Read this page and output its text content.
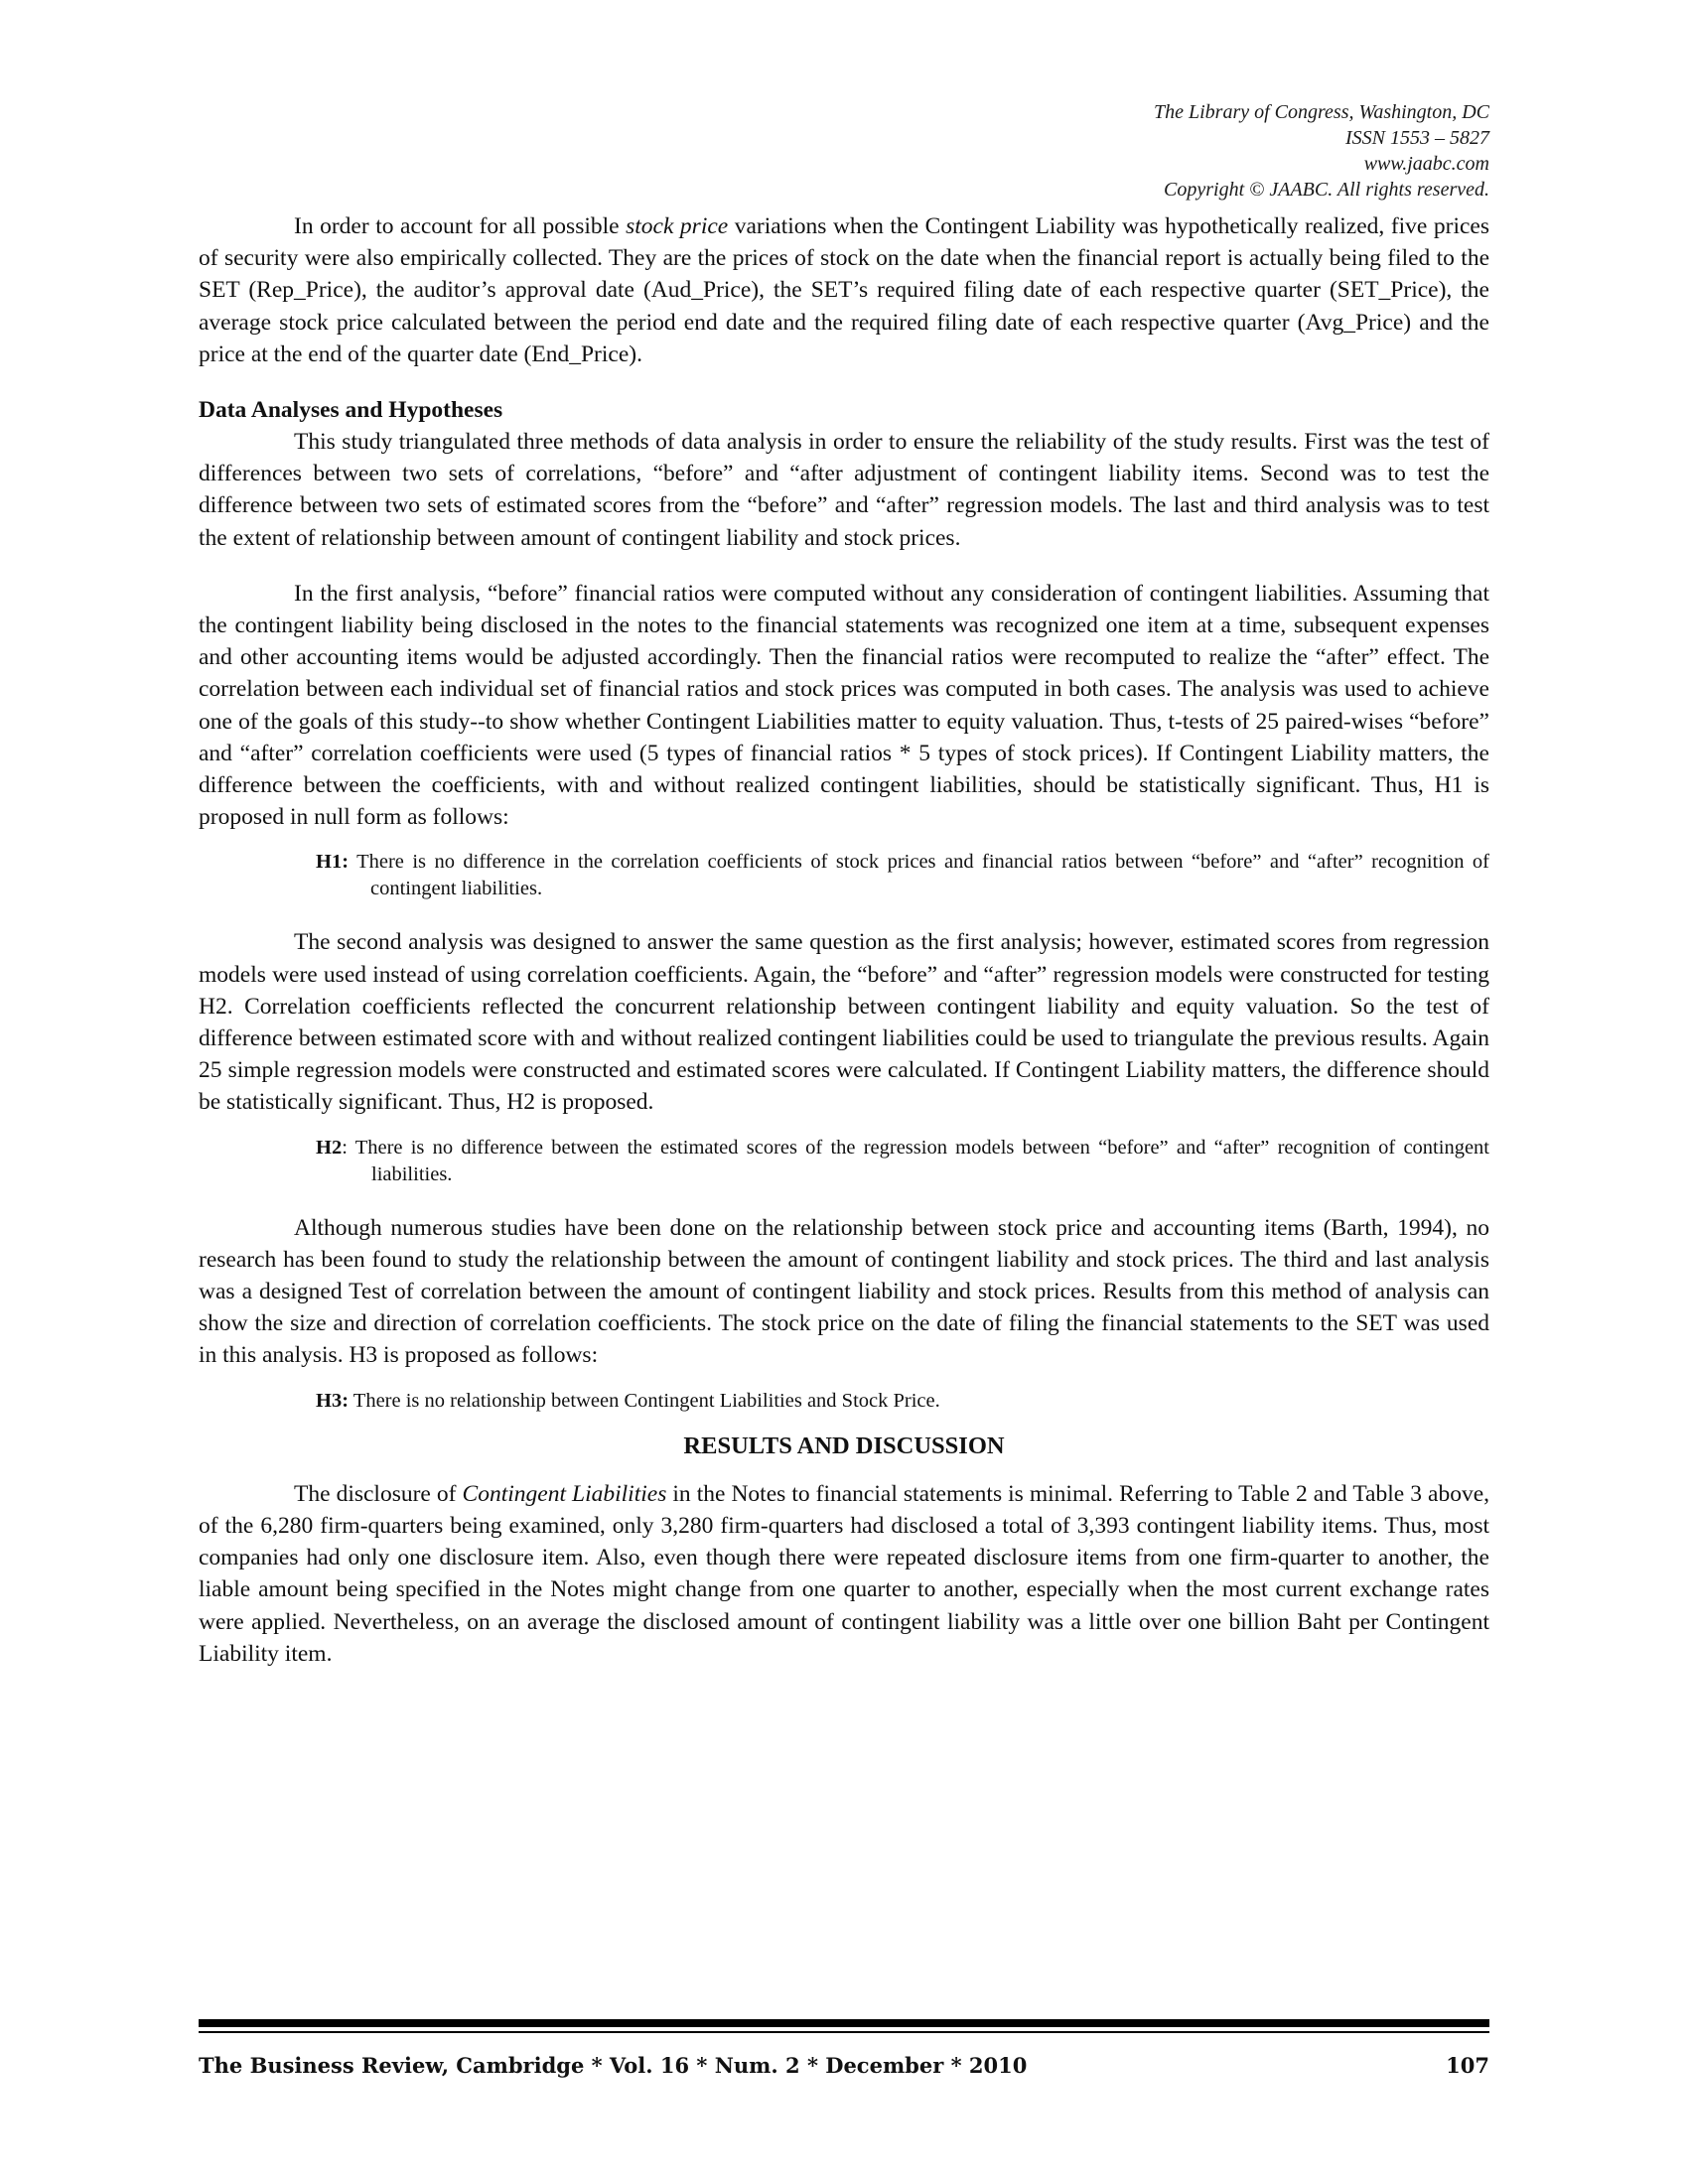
The Library of Congress, Washington, DC
ISSN 1553 – 5827
www.jaabc.com
Copyright © JAABC. All rights reserved.

In order to account for all possible stock price variations when the Contingent Liability was hypothetically realized, five prices of security were also empirically collected. They are the prices of stock on the date when the financial report is actually being filed to the SET (Rep_Price), the auditor’s approval date (Aud_Price), the SET’s required filing date of each respective quarter (SET_Price), the average stock price calculated between the period end date and the required filing date of each respective quarter (Avg_Price) and the price at the end of the quarter date (End_Price).

Data Analyses and Hypotheses

This study triangulated three methods of data analysis in order to ensure the reliability of the study results. First was the test of differences between two sets of correlations, “before” and “after adjustment of contingent liability items. Second was to test the difference between two sets of estimated scores from the “before” and “after” regression models. The last and third analysis was to test the extent of relationship between amount of contingent liability and stock prices.

In the first analysis, “before” financial ratios were computed without any consideration of contingent liabilities. Assuming that the contingent liability being disclosed in the notes to the financial statements was recognized one item at a time, subsequent expenses and other accounting items would be adjusted accordingly. Then the financial ratios were recomputed to realize the “after” effect. The correlation between each individual set of financial ratios and stock prices was computed in both cases. The analysis was used to achieve one of the goals of this study--to show whether Contingent Liabilities matter to equity valuation. Thus, t-tests of 25 paired-wises “before” and “after” correlation coefficients were used (5 types of financial ratios * 5 types of stock prices). If Contingent Liability matters, the difference between the coefficients, with and without realized contingent liabilities, should be statistically significant. Thus, H1 is proposed in null form as follows:

H1: There is no difference in the correlation coefficients of stock prices and financial ratios between “before” and “after” recognition of contingent liabilities.

The second analysis was designed to answer the same question as the first analysis; however, estimated scores from regression models were used instead of using correlation coefficients. Again, the “before” and “after” regression models were constructed for testing H2. Correlation coefficients reflected the concurrent relationship between contingent liability and equity valuation. So the test of difference between estimated score with and without realized contingent liabilities could be used to triangulate the previous results. Again 25 simple regression models were constructed and estimated scores were calculated. If Contingent Liability matters, the difference should be statistically significant. Thus, H2 is proposed.

H2: There is no difference between the estimated scores of the regression models between “before” and “after” recognition of contingent liabilities.

Although numerous studies have been done on the relationship between stock price and accounting items (Barth, 1994), no research has been found to study the relationship between the amount of contingent liability and stock prices. The third and last analysis was a designed Test of correlation between the amount of contingent liability and stock prices. Results from this method of analysis can show the size and direction of correlation coefficients. The stock price on the date of filing the financial statements to the SET was used in this analysis. H3 is proposed as follows:

H3: There is no relationship between Contingent Liabilities and Stock Price.

RESULTS AND DISCUSSION

The disclosure of Contingent Liabilities in the Notes to financial statements is minimal. Referring to Table 2 and Table 3 above, of the 6,280 firm-quarters being examined, only 3,280 firm-quarters had disclosed a total of 3,393 contingent liability items. Thus, most companies had only one disclosure item. Also, even though there were repeated disclosure items from one firm-quarter to another, the liable amount being specified in the Notes might change from one quarter to another, especially when the most current exchange rates were applied. Nevertheless, on an average the disclosed amount of contingent liability was a little over one billion Baht per Contingent Liability item.

The Business Review, Cambridge * Vol. 16 * Num. 2 * December * 2010	107
